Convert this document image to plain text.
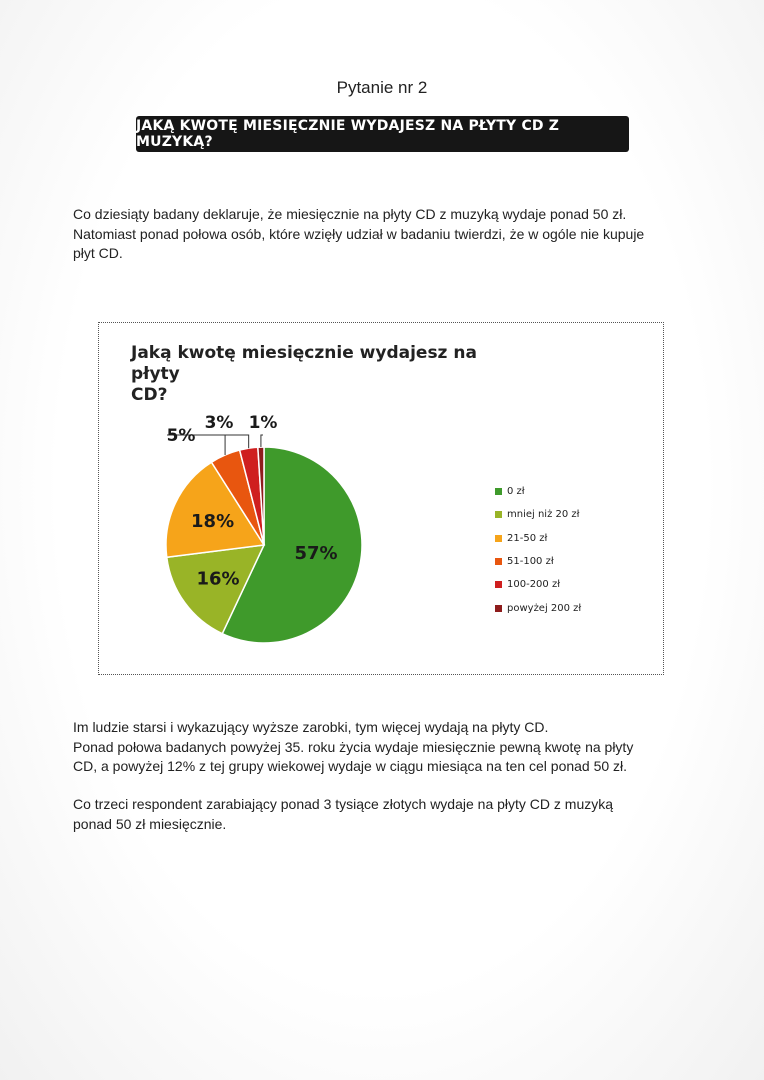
Pytanie nr 2
JAKĄ KWOTĘ MIESIĘCZNIE WYDAJESZ NA PŁYTY CD Z MUZYKĄ?
Co dziesiąty badany deklaruje, że miesięcznie na płyty CD z muzyką wydaje ponad 50 zł.
Natomiast ponad połowa osób, które wzięły udział w badaniu twierdzi, że w ogóle nie kupuje
płyt CD.
Jaką kwotę miesięcznie wydajesz na płyty
CD?
57%
16%
18%
5%
3% 1%
0 zł
mniej niż 20 zł
21-50 zł
51-100 zł
100-200 zł
powyżej 200 zł
Im ludzie starsi i wykazujący wyższe zarobki, tym więcej wydają na płyty CD.
Ponad połowa badanych powyżej 35. roku życia wydaje miesięcznie pewną kwotę na płyty
CD, a powyżej 12% z tej grupy wiekowej wydaje w ciągu miesiąca na ten cel ponad 50 zł.
Co trzeci respondent zarabiający ponad 3 tysiące złotych wydaje na płyty CD z muzyką
ponad 50 zł miesięcznie.
